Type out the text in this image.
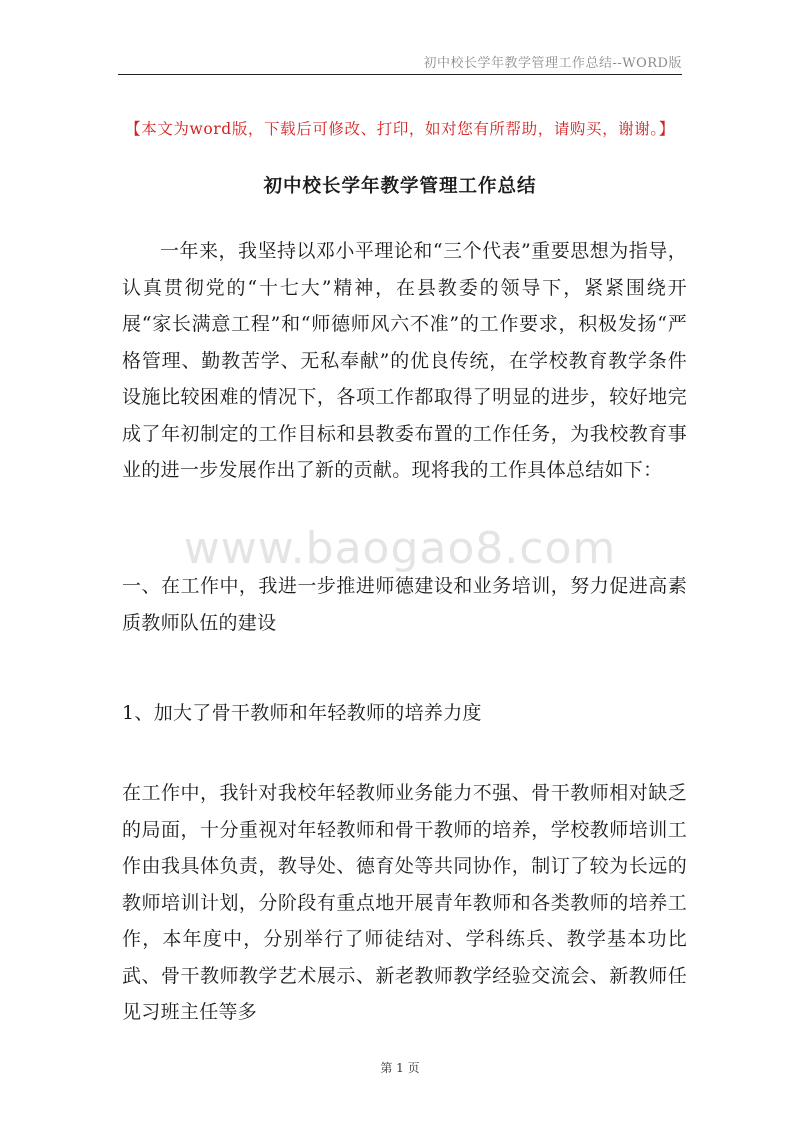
初中校长学年教学管理工作总结--WORD版
【本文为word版，下载后可修改、打印，如对您有所帮助，请购买，谢谢。】
初中校长学年教学管理工作总结
一年来，我坚持以邓小平理论和“三个代表”重要思想为指导，认真贯彻党的“十七大”精神，在县教委的领导下，紧紧围绕开展“家长满意工程”和“师德师风六不准”的工作要求，积极发扬“严格管理、勤教苦学、无私奉献”的优良传统，在学校教育教学条件设施比较困难的情况下，各项工作都取得了明显的进步，较好地完成了年初制定的工作目标和县教委布置的工作任务，为我校教育事业的进一步发展作出了新的贡献。现将我的工作具体总结如下：
www.baogao8.com
一、在工作中，我进一步推进师德建设和业务培训，努力促进高素质教师队伍的建设
1、加大了骨干教师和年轻教师的培养力度
在工作中，我针对我校年轻教师业务能力不强、骨干教师相对缺乏的局面，十分重视对年轻教师和骨干教师的培养，学校教师培训工作由我具体负责，教导处、德育处等共同协作，制订了较为长远的教师培训计划，分阶段有重点地开展青年教师和各类教师的培养工作，本年度中，分别举行了师徒结对、学科练兵、教学基本功比武、骨干教师教学艺术展示、新老教师教学经验交流会、新教师任见习班主任等多
第 1 页
